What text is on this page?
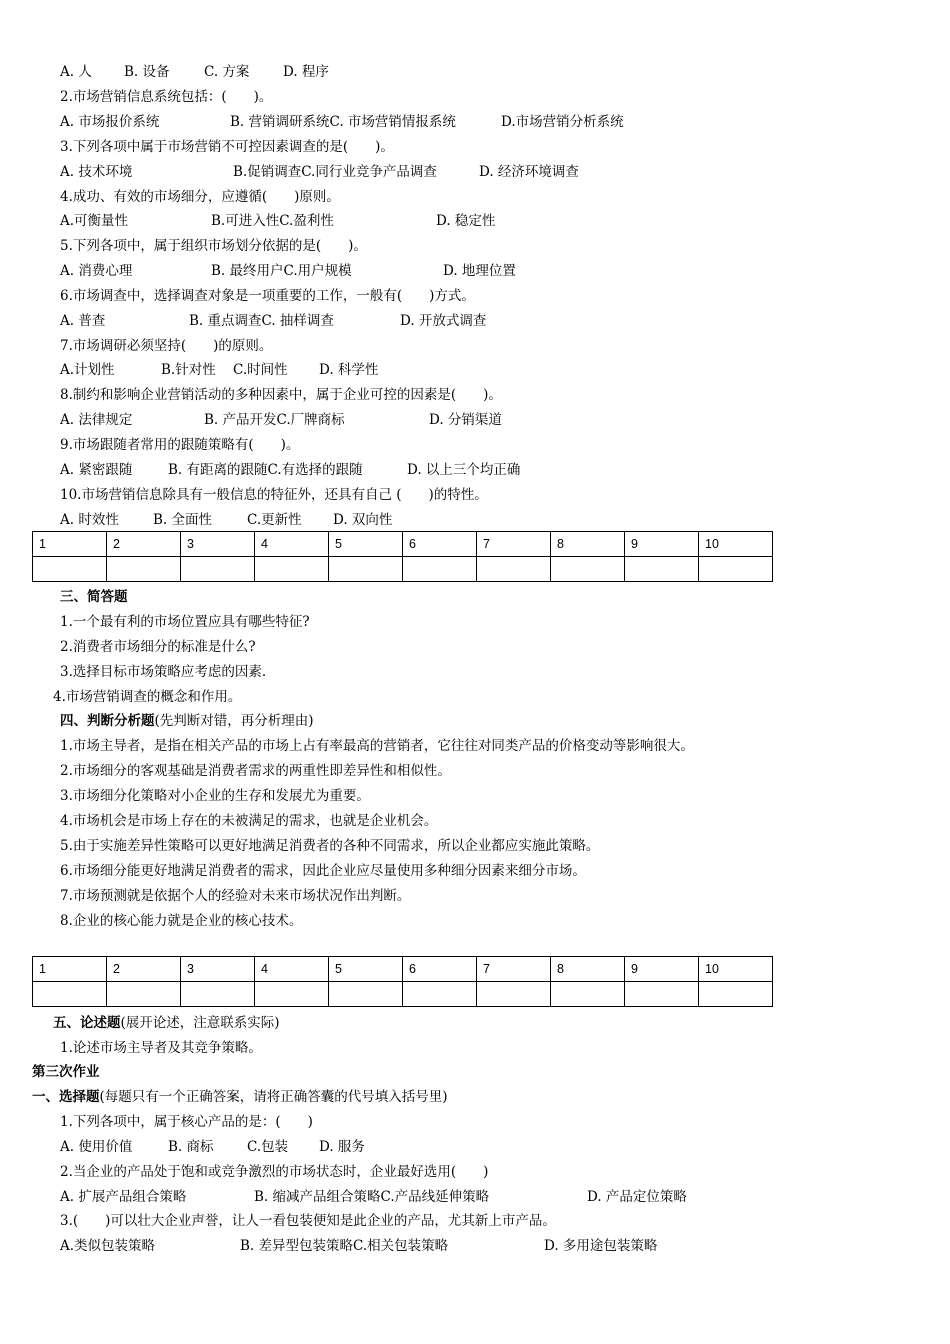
A. 人 B. 设备	C. 方案 D. 程序
2.市场营销信息系统包括：(　　)。
A. 市场报价系统	B. 营销调研系统C. 市场营销情报系统	D.市场营销分析系统
3.下列各项中属于市场营销不可控因素调查的是(　　)。
A. 技术环境	B.促销调查C.同行业竞争产品调查	D. 经济环境调查
4.成功、有效的市场细分，应遵循(　　)原则。
A.可衡量性	B.可进入性C.盈利性	D. 稳定性
5.下列各项中，属于组织市场划分依据的是(　　)。
A. 消费心理	B. 最终用户C.用户规模	D. 地理位置
6.市场调查中，选择调查对象是一项重要的工作，一般有(　　)方式。
A. 普查	B. 重点调查C. 抽样调查	D. 开放式调查
7.市场调研必须坚持(　　)的原则。
A.计划性	B.针对性 C.时间性 D. 科学性
8.制约和影响企业营销活动的多种因素中，属于企业可控的因素是(　　)。
A. 法律规定	B. 产品开发C.厂牌商标	D. 分销渠道
9.市场跟随者常用的跟随策略有(　　)。
A. 紧密跟随	B. 有距离的跟随C.有选择的跟随	D. 以上三个均正确
10.市场营销信息除具有一般信息的特征外，还具有自己 (　　)的特性。
A. 时效性	B. 全面性	C.更新性 D. 双向性
1	2	3	4	5	6	7	8	9	10

三、简答题
1.一个最有利的市场位置应具有哪些特征?
2.消费者市场细分的标准是什么?
3.选择目标市场策略应考虑的因素.
4.市场营销调查的概念和作用。
四、判断分析题(先判断对错，再分析理由)
1.市场主导者，是指在相关产品的市场上占有率最高的营销者，它往往对同类产品的价格变动等影响很大。
2.市场细分的客观基础是消费者需求的两重性即差异性和相似性。
3.市场细分化策略对小企业的生存和发展尤为重要。
4.市场机会是市场上存在的未被满足的需求，也就是企业机会。
5.由于实施差异性策略可以更好地满足消费者的各种不同需求，所以企业都应实施此策略。
6.市场细分能更好地满足消费者的需求，因此企业应尽量使用多种细分因素来细分市场。
7.市场预测就是依据个人的经验对未来市场状况作出判断。
8.企业的核心能力就是企业的核心技术。
1	2	3	4	5	6	7	8	9	10

五、论述题(展开论述，注意联系实际)
1.论述市场主导者及其竞争策略。
第三次作业
一、选择题(每题只有一个正确答案，请将正确答囊的代号填入括号里)
1.下列各项中，属于核心产品的是：(　　)
A. 使用价值	B. 商标 C.包装 D. 服务
2.当企业的产品处于饱和或竞争激烈的市场状态时，企业最好选用(　　)
A. 扩展产品组合策略	B. 缩减产品组合策略C.产品线延伸策略	D. 产品定位策略
3.(　　)可以壮大企业声誉，让人一看包装便知是此企业的产品，尤其新上市产品。
A.类似包装策略	B. 差异型包装策略C.相关包装策略	D. 多用途包装策略
